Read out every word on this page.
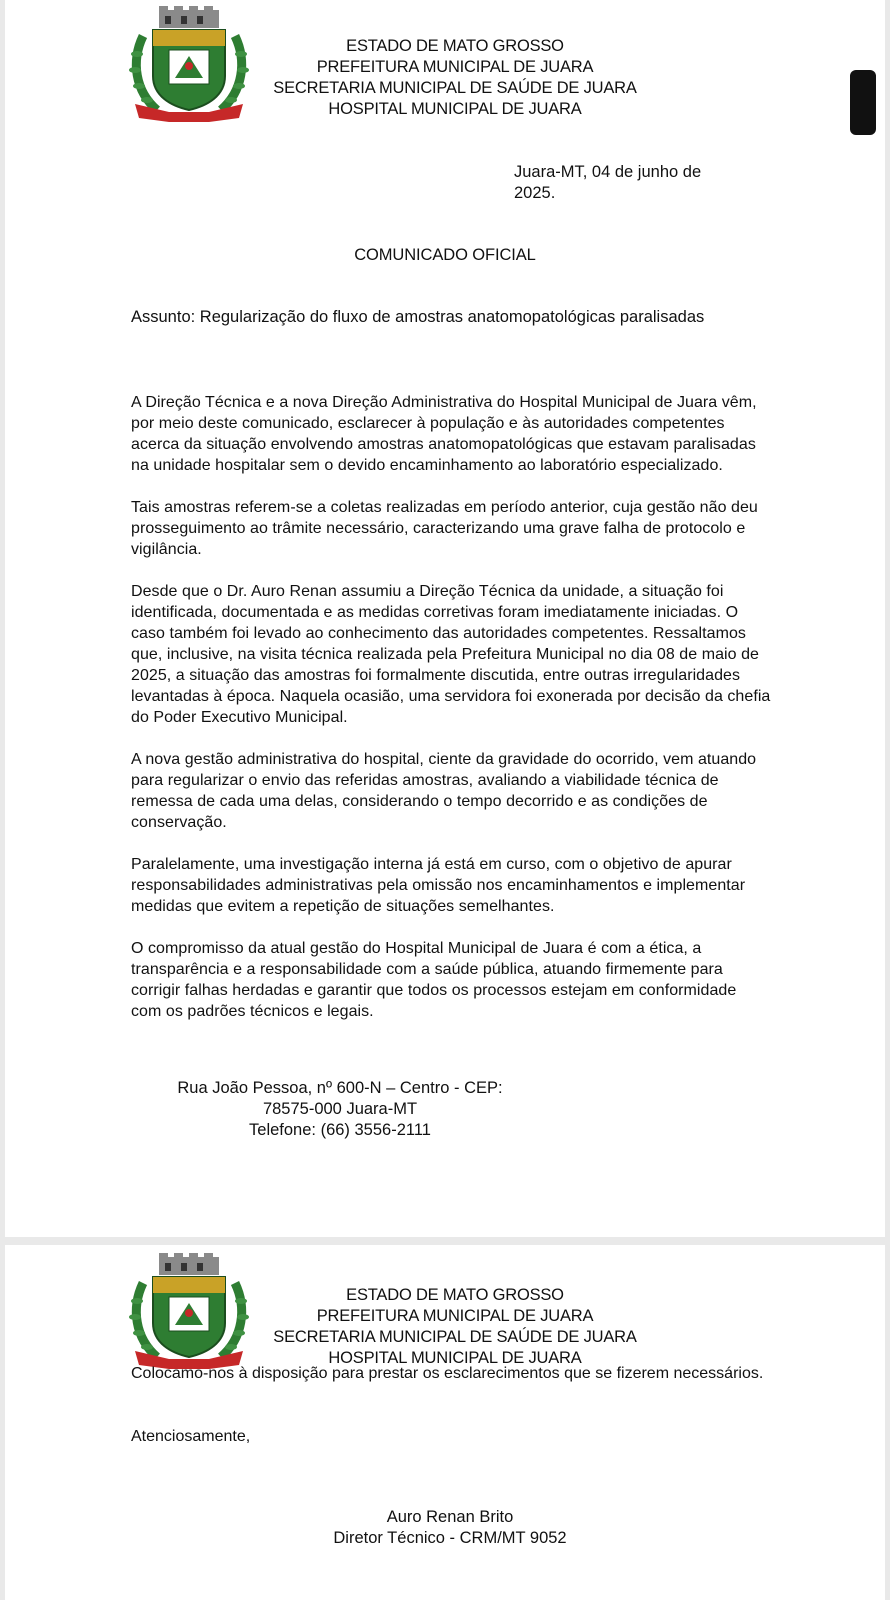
ESTADO DE MATO GROSSO
PREFEITURA MUNICIPAL DE JUARA
SECRETARIA MUNICIPAL DE SAÚDE DE JUARA
HOSPITAL MUNICIPAL DE JUARA
Juara-MT, 04 de junho de
2025.
COMUNICADO OFICIAL
Assunto: Regularização do fluxo de amostras anatomopatológicas paralisadas

A Direção Técnica e a nova Direção Administrativa do Hospital Municipal de Juara vêm, por meio deste comunicado, esclarecer à população e às autoridades competentes acerca da situação envolvendo amostras anatomopatológicas que estavam paralisadas na unidade hospitalar sem o devido encaminhamento ao laboratório especializado.

Tais amostras referem-se a coletas realizadas em período anterior, cuja gestão não deu prosseguimento ao trâmite necessário, caracterizando uma grave falha de protocolo e vigilância.

Desde que o Dr. Auro Renan assumiu a Direção Técnica da unidade, a situação foi identificada, documentada e as medidas corretivas foram imediatamente iniciadas. O caso também foi levado ao conhecimento das autoridades competentes. Ressaltamos que, inclusive, na visita técnica realizada pela Prefeitura Municipal no dia 08 de maio de 2025, a situação das amostras foi formalmente discutida, entre outras irregularidades levantadas à época. Naquela ocasião, uma servidora foi exonerada por decisão da chefia do Poder Executivo Municipal.

A nova gestão administrativa do hospital, ciente da gravidade do ocorrido, vem atuando para regularizar o envio das referidas amostras, avaliando a viabilidade técnica de remessa de cada uma delas, considerando o tempo decorrido e as condições de conservação.

Paralelamente, uma investigação interna já está em curso, com o objetivo de apurar responsabilidades administrativas pela omissão nos encaminhamentos e implementar medidas que evitem a repetição de situações semelhantes.

O compromisso da atual gestão do Hospital Municipal de Juara é com a ética, a transparência e a responsabilidade com a saúde pública, atuando firmemente para corrigir falhas herdadas e garantir que todos os processos estejam em conformidade com os padrões técnicos e legais.

Rua João Pessoa, nº 600-N – Centro - CEP:
78575-000 Juara-MT
Telefone: (66) 3556-2111
ESTADO DE MATO GROSSO
PREFEITURA MUNICIPAL DE JUARA
SECRETARIA MUNICIPAL DE SAÚDE DE JUARA
HOSPITAL MUNICIPAL DE JUARA
Colocamo-nos à disposição para prestar os esclarecimentos que se fizerem necessários.
Atenciosamente,
Auro Renan Brito
Diretor Técnico - CRM/MT 9052
